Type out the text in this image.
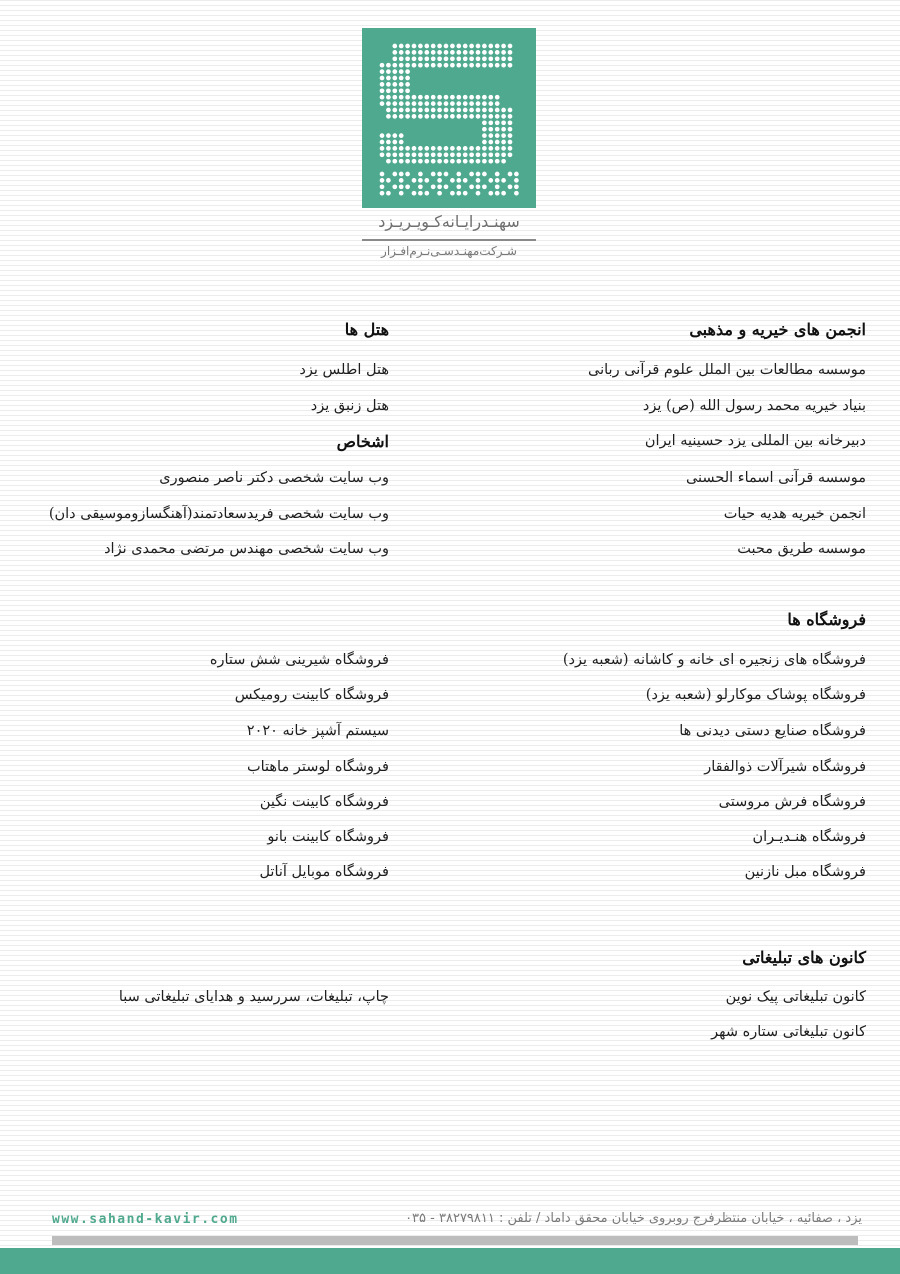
سهنـدرایـانه‌کـویـریـزد
شـرکت‌مهنـدسـی‌نـرم‌افـزار
انجمن های خیریه و مذهبی
موسسه مطالعات بین الملل علوم قرآنی ربانی
بنیاد خیریه محمد رسول الله (ص) یزد
دبیرخانه بین المللی یزد حسینیه ایران
موسسه قرآنی اسماء الحسنی
انجمن خیریه هدیه حیات
موسسه طریق محبت
هتل ها
هتل اطلس یزد
هتل زنبق یزد
اشخاص
وب سایت شخصی دکتر ناصر منصوری
وب سایت شخصی فریدسعادتمند(آهنگسازوموسیقی دان)
وب سایت شخصی مهندس مرتضی محمدی نژاد
فروشگاه ها
فروشگاه های زنجیره ای خانه و کاشانه (شعبه یزد)
فروشگاه پوشاک موکارلو (شعبه یزد)
فروشگاه صنایع دستی دیدنی ها
فروشگاه شیرآلات ذوالفقار
فروشگاه فرش مروستی
فروشگاه هنـدیـران
فروشگاه مبل نازنین
فروشگاه شیرینی شش ستاره
فروشگاه کابینت رومیکس
سیستم آشپز خانه ۲۰۲۰
فروشگاه لوستر ماهتاب
فروشگاه کابینت نگین
فروشگاه کابینت بانو
فروشگاه موبایل آناتل
کانون های تبلیغاتی
کانون تبلیغاتی پیک نوین
کانون تبلیغاتی ستاره شهر
چاپ، تبلیغات، سررسید و هدایای تبلیغاتی سبا
www.sahand-kavir.com	یزد ، صفائیه ، خیابان منتظرفرج روبروی خیابان محقق داماد / تلفن : ۳۸۲۷۹۸۱۱ - ۰۳۵
